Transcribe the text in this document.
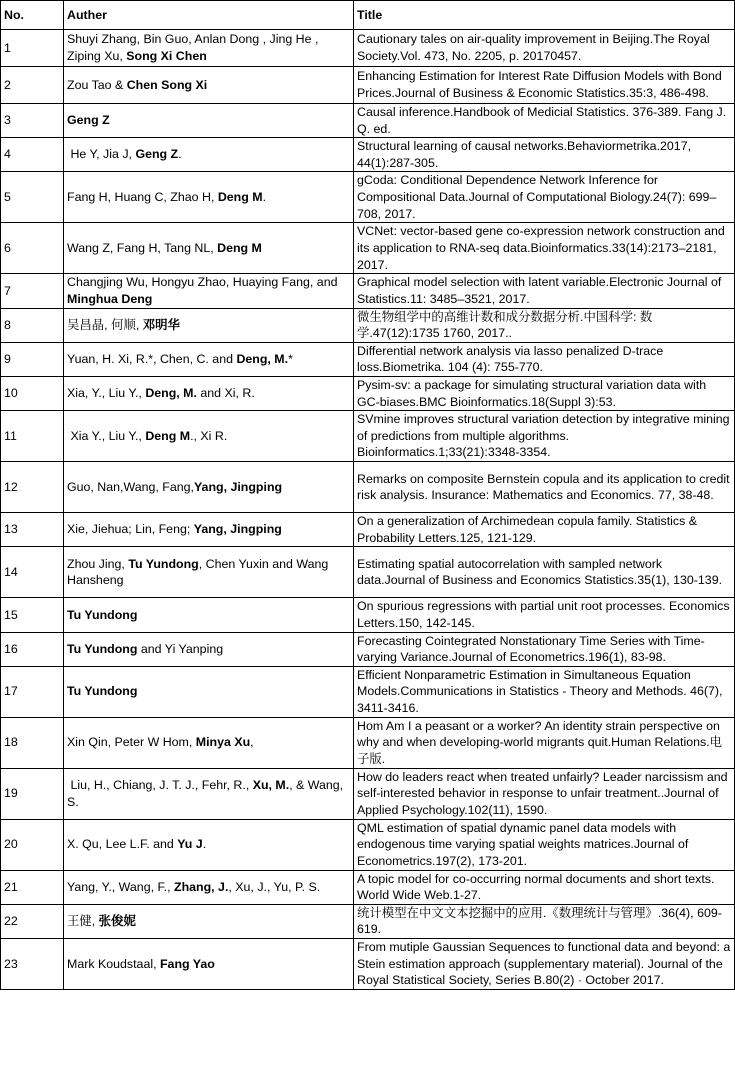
No.	Auther	Title
1	Shuyi Zhang, Bin Guo, Anlan Dong , Jing He , Ziping Xu, Song Xi Chen	Cautionary tales on air-quality improvement in Beijing.The Royal Society.Vol. 473, No. 2205, p. 20170457.
2	Zou Tao & Chen Song Xi	Enhancing Estimation for Interest Rate Diffusion Models with Bond Prices.Journal of Business & Economic Statistics.35:3, 486-498.
3	Geng Z	Causal inference.Handbook of Medicial Statistics. 376-389. Fang J. Q. ed.
4	He Y, Jia J, Geng Z.	Structural learning of causal networks.Behaviormetrika.2017, 44(1):287-305.
5	Fang H, Huang C, Zhao H, Deng M.	gCoda: Conditional Dependence Network Inference for Compositional Data.Journal of Computational Biology.24(7): 699–708, 2017.
6	Wang Z, Fang H, Tang NL, Deng M	VCNet: vector-based gene co-expression network construction and its application to RNA-seq data.Bioinformatics.33(14):2173–2181, 2017.
7	Changjing Wu, Hongyu Zhao, Huaying Fang, and Minghua Deng	Graphical model selection with latent variable.Electronic Journal of Statistics.11: 3485–3521, 2017.
8	吴昌晶, 何顺, 邓明华	微生物组学中的高维计数和成分数据分析.中国科学: 数学.47(12):1735 1760, 2017..
9	Yuan, H. Xi, R.*, Chen, C. and Deng, M.*	Differential network analysis via lasso penalized D-trace loss.Biometrika. 104 (4): 755-770.
10	Xia, Y., Liu Y., Deng, M. and Xi, R.	Pysim-sv: a package for simulating structural variation data with GC-biases.BMC Bioinformatics.18(Suppl 3):53.
11	Xia Y., Liu Y., Deng M., Xi R.	SVmine improves structural variation detection by integrative mining of predictions from multiple algorithms. Bioinformatics.1;33(21):3348-3354.
12	Guo, Nan,Wang, Fang,Yang, Jingping	Remarks on composite Bernstein copula and its application to credit risk analysis. Insurance: Mathematics and Economics. 77, 38-48.
13	Xie, Jiehua; Lin, Feng; Yang, Jingping	On a generalization of Archimedean copula family. Statistics & Probability Letters.125, 121-129.
14	Zhou Jing, Tu Yundong, Chen Yuxin and Wang Hansheng	Estimating spatial autocorrelation with sampled network data.Journal of Business and Economics Statistics.35(1), 130-139.
15	Tu Yundong	On spurious regressions with partial unit root processes. Economics Letters.150, 142-145.
16	Tu Yundong and Yi Yanping	Forecasting Cointegrated Nonstationary Time Series with Time-varying Variance.Journal of Econometrics.196(1), 83-98.
17	Tu Yundong	Efficient Nonparametric Estimation in Simultaneous Equation Models.Communications in Statistics - Theory and Methods. 46(7), 3411-3416.
18	Xin Qin, Peter W Hom, Minya Xu,	Hom Am I a peasant or a worker? An identity strain perspective on why and when developing-world migrants quit.Human Relations.电子版.
19	Liu, H., Chiang, J. T. J., Fehr, R., Xu, M., & Wang, S.	How do leaders react when treated unfairly? Leader narcissism and self-interested behavior in response to unfair treatment..Journal of Applied Psychology.102(11), 1590.
20	X. Qu, Lee L.F. and Yu J.	QML estimation of spatial dynamic panel data models with endogenous time varying spatial weights matrices.Journal of Econometrics.197(2), 173-201.
21	Yang, Y., Wang, F., Zhang, J., Xu, J., Yu, P. S.	A topic model for co-occurring normal documents and short texts. World Wide Web.1-27.
22	王健, 张俊妮	统计模型在中文文本挖掘中的应用.《数理统计与管理》.36(4), 609-619.
23	Mark Koudstaal, Fang Yao	From mutiple Gaussian Sequences to functional data and beyond: a Stein estimation approach (supplementary material). Journal of the Royal Statistical Society, Series B.80(2) · October 2017.
